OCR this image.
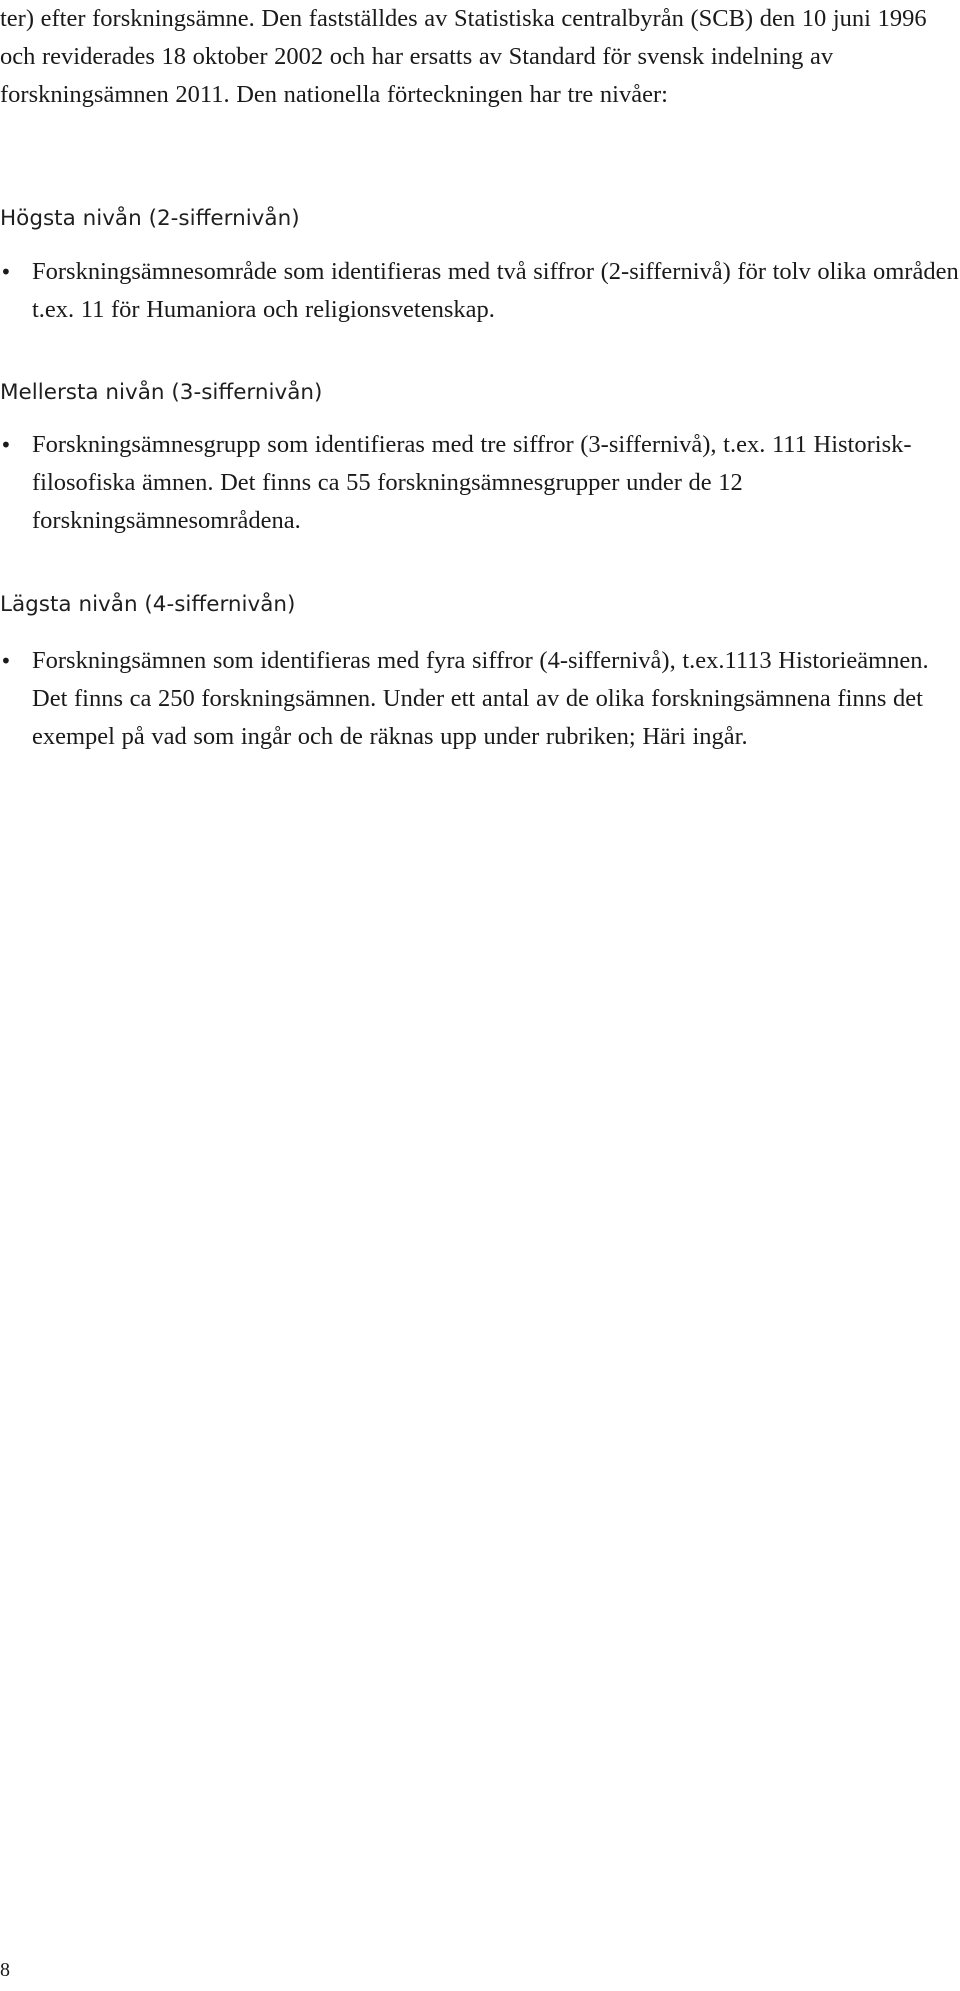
ter) efter forskningsämne. Den fastställdes av Statistiska centralbyrån (SCB) den 10 juni 1996 och reviderades 18 oktober 2002 och har ersatts av Standard för svensk indelning av forskningsämnen 2011. Den nationella förteckningen har tre nivåer:

Högsta nivån (2-siffernivån)
• Forskningsämnesområde som identifieras med två siffror (2-siffernivå) för tolv olika områden t.ex. 11 för Humaniora och religionsvetenskap.
Mellersta nivån (3-siffernivån)
• Forskningsämnesgrupp som identifieras med tre siffror (3-siffernivå), t.ex. 111 Historisk-filosofiska ämnen. Det finns ca 55 forskningsämnesgrupper under de 12 forskningsämnesområdena.
Lägsta nivån (4-siffernivån)
• Forskningsämnen som identifieras med fyra siffror (4-siffernivå), t.ex.1113 Historieämnen. Det finns ca 250 forskningsämnen. Under ett antal av de olika forskningsämnena finns det exempel på vad som ingår och de räknas upp under rubriken; Häri ingår.
8
